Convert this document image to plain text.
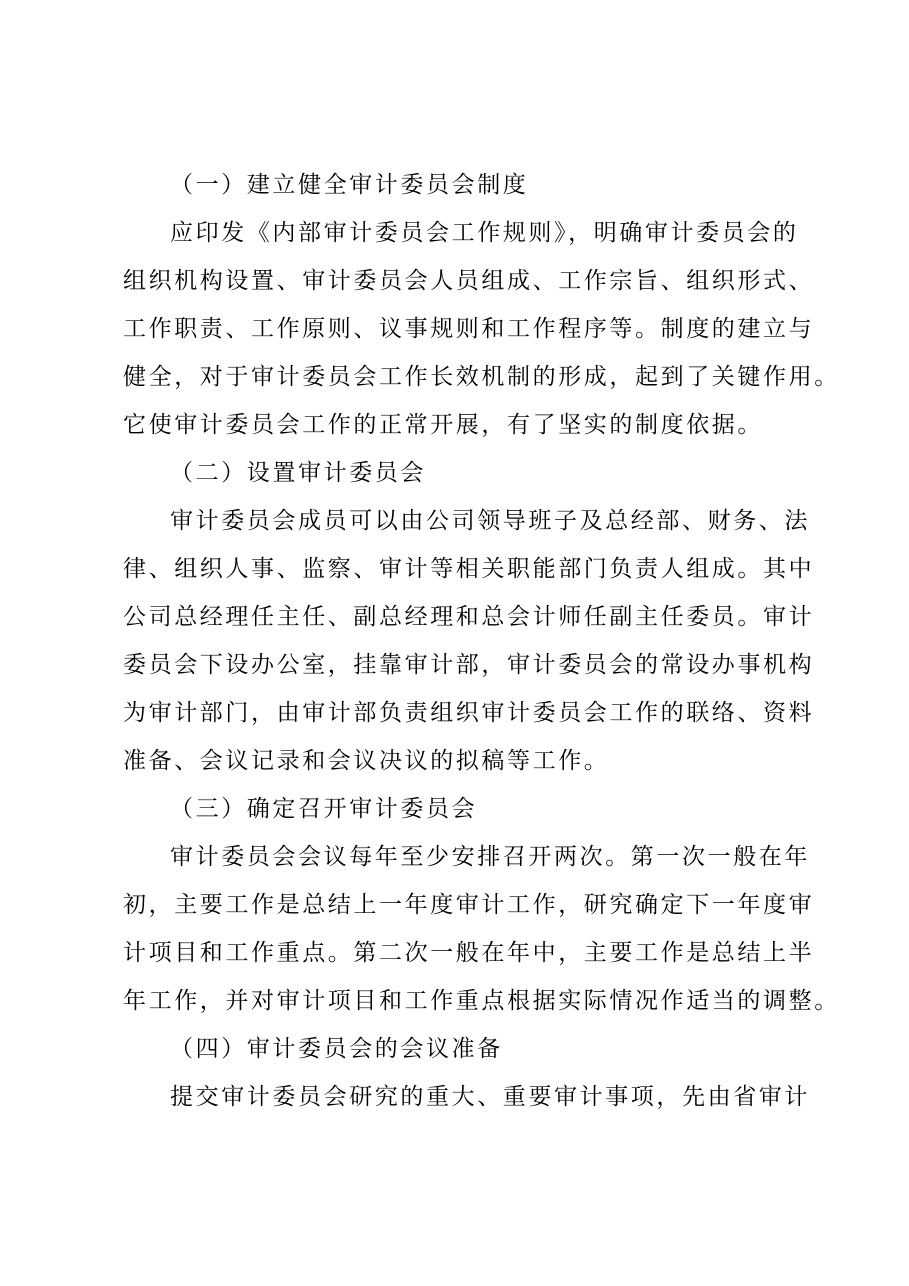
（一）建立健全审计委员会制度
应印发《内部审计委员会工作规则》，明确审计委员会的
组织机构设置、审计委员会人员组成、工作宗旨、组织形式、
工作职责、工作原则、议事规则和工作程序等。制度的建立与
健全，对于审计委员会工作长效机制的形成，起到了关键作用。
它使审计委员会工作的正常开展，有了坚实的制度依据。
（二）设置审计委员会
审计委员会成员可以由公司领导班子及总经部、财务、法
律、组织人事、监察、审计等相关职能部门负责人组成。其中
公司总经理任主任、副总经理和总会计师任副主任委员。审计
委员会下设办公室，挂靠审计部，审计委员会的常设办事机构
为审计部门，由审计部负责组织审计委员会工作的联络、资料
准备、会议记录和会议决议的拟稿等工作。
（三）确定召开审计委员会
审计委员会会议每年至少安排召开两次。第一次一般在年
初，主要工作是总结上一年度审计工作，研究确定下一年度审
计项目和工作重点。第二次一般在年中，主要工作是总结上半
年工作，并对审计项目和工作重点根据实际情况作适当的调整。
（四）审计委员会的会议准备
提交审计委员会研究的重大、重要审计事项，先由省审计
